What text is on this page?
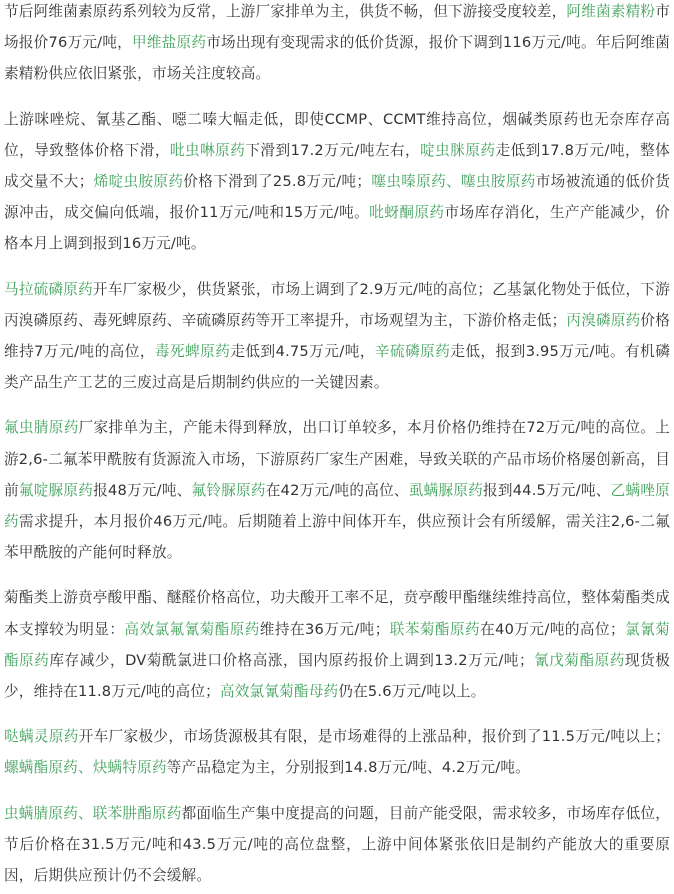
节后阿维菌素原药系列较为反常，上游厂家排单为主，供货不畅，但下游接受度较差，阿维菌素精粉市场报价76万元/吨，甲维盐原药市场出现有变现需求的低价货源，报价下调到116万元/吨。年后阿维菌素精粉供应依旧紧张，市场关注度较高。

上游咪唑烷、氰基乙酯、噁二嗪大幅走低，即使CCMP、CCMT维持高位，烟碱类原药也无奈库存高位，导致整体价格下滑，吡虫啉原药下滑到17.2万元/吨左右，啶虫脒原药走低到17.8万元/吨，整体成交量不大；烯啶虫胺原药价格下滑到了25.8万元/吨；噻虫嗪原药、噻虫胺原药市场被流通的低价货源冲击，成交偏向低端，报价11万元/吨和15万元/吨。吡蚜酮原药市场库存消化，生产产能减少，价格本月上调到报到16万元/吨。

马拉硫磷原药开车厂家极少，供货紧张，市场上调到了2.9万元/吨的高位；乙基氯化物处于低位，下游丙溴磷原药、毒死蜱原药、辛硫磷原药等开工率提升，市场观望为主，下游价格走低；丙溴磷原药价格维持7万元/吨的高位，毒死蜱原药走低到4.75万元/吨，辛硫磷原药走低，报到3.95万元/吨。有机磷类产品生产工艺的三废过高是后期制约供应的一关键因素。

氟虫腈原药厂家排单为主，产能未得到释放，出口订单较多，本月价格仍维持在72万元/吨的高位。上游2,6-二氟苯甲酰胺有货源流入市场，下游原药厂家生产困难，导致关联的产品市场价格屡创新高，目前氟啶脲原药报48万元/吨、氟铃脲原药在42万元/吨的高位、虱螨脲原药报到44.5万元/吨、乙螨唑原药需求提升，本月报价46万元/吨。后期随着上游中间体开车，供应预计会有所缓解，需关注2,6-二氟苯甲酰胺的产能何时释放。

菊酯类上游贲亭酸甲酯、醚醛价格高位，功夫酸开工率不足，贲亭酸甲酯继续维持高位，整体菊酯类成本支撑较为明显：高效氯氟氰菊酯原药维持在36万元/吨；联苯菊酯原药在40万元/吨的高位；氯氰菊酯原药库存减少，DV菊酰氯进口价格高涨，国内原药报价上调到13.2万元/吨；氰戊菊酯原药现货极少，维持在11.8万元/吨的高位；高效氯氰菊酯母药仍在5.6万元/吨以上。

哒螨灵原药开车厂家极少，市场货源极其有限，是市场难得的上涨品种，报价到了11.5万元/吨以上；螺螨酯原药、炔螨特原药等产品稳定为主，分别报到14.8万元/吨、4.2万元/吨。

虫螨腈原药、联苯肼酯原药都面临生产集中度提高的问题，目前产能受限，需求较多，市场库存低位，节后价格在31.5万元/吨和43.5万元/吨的高位盘整，上游中间体紧张依旧是制约产能放大的重要原因，后期供应预计仍不会缓解。
